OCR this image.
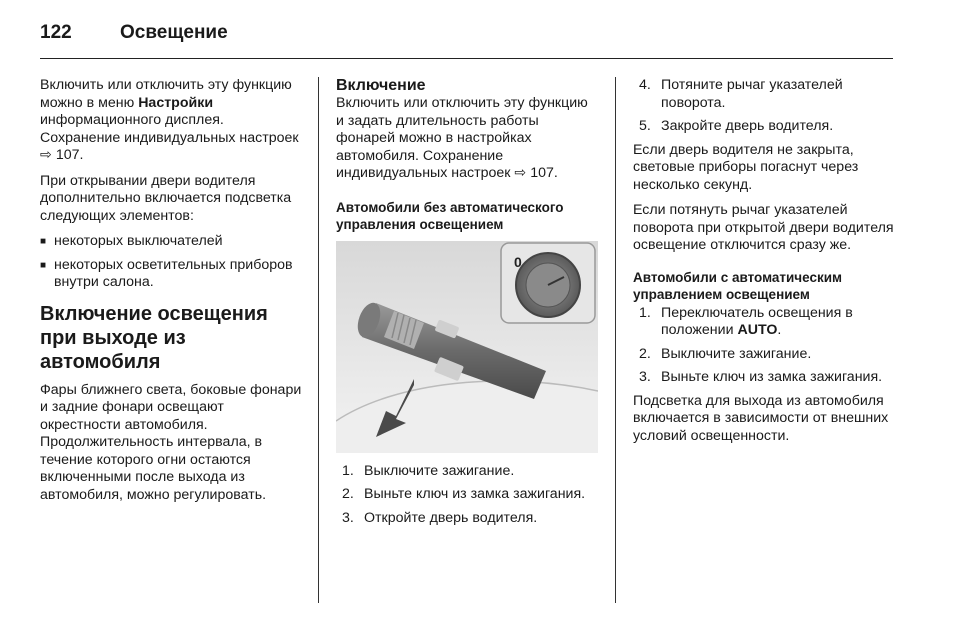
122	Освещение

Включить или отключить эту функцию можно в меню Настройки информационного дисплея. Сохранение индивидуальных настроек ⇨ 107.

При открывании двери водителя дополнительно включается подсветка следующих элементов:

■ некоторых выключателей
■ некоторых осветительных приборов внутри салона.
Включение освещения при выходе из автомобиля

Фары ближнего света, боковые фонари и задние фонари освещают окрестности автомобиля. Продолжительность интервала, в течение которого огни остаются включенными после выхода из автомобиля, можно регулировать.

Включение

Включить или отключить эту функцию и задать длительность работы фонарей можно в настройках автомобиля. Сохранение индивидуальных настроек ⇨ 107.

Автомобили без автоматического управления освещением
0
1. Выключите зажигание.
2. Выньте ключ из замка зажигания.
3. Откройте дверь водителя.
4. Потяните рычаг указателей поворота.
5. Закройте дверь водителя.

Если дверь водителя не закрыта, световые приборы погаснут через несколько секунд.

Если потянуть рычаг указателей поворота при открытой двери водителя освещение отключится сразу же.

Автомобили с автоматическим управлением освещением
1. Переключатель освещения в положении AUTO.
2. Выключите зажигание.
3. Выньте ключ из замка зажигания.

Подсветка для выхода из автомобиля включается в зависимости от внешних условий освещенности.
